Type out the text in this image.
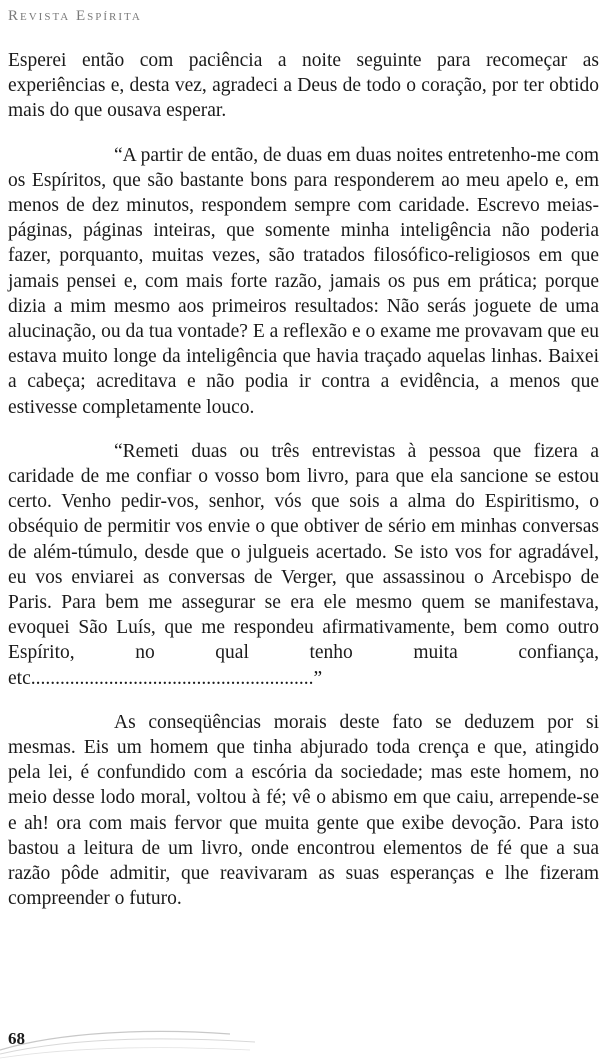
Revista Espírita

Esperei então com paciência a noite seguinte para recomeçar as experiências e, desta vez, agradeci a Deus de todo o coração, por ter obtido mais do que ousava esperar.

“A partir de então, de duas em duas noites entretenho-me com os Espíritos, que são bastante bons para responderem ao meu apelo e, em menos de dez minutos, respondem sempre com caridade. Escrevo meias-páginas, páginas inteiras, que somente minha inteligência não poderia fazer, porquanto, muitas vezes, são tratados filosófico-religiosos em que jamais pensei e, com mais forte razão, jamais os pus em prática; porque dizia a mim mesmo aos primeiros resultados: Não serás joguete de uma alucinação, ou da tua vontade? E a reflexão e o exame me provavam que eu estava muito longe da inteligência que havia traçado aquelas linhas. Baixei a cabeça; acreditava e não podia ir contra a evidência, a menos que estivesse completamente louco.

“Remeti duas ou três entrevistas à pessoa que fizera a caridade de me confiar o vosso bom livro, para que ela sancione se estou certo. Venho pedir-vos, senhor, vós que sois a alma do Espiritismo, o obséquio de permitir vos envie o que obtiver de sério em minhas conversas de além-túmulo, desde que o julgueis acertado. Se isto vos for agradável, eu vos enviarei as conversas de Verger, que assassinou o Arcebispo de Paris. Para bem me assegurar se era ele mesmo quem se manifestava, evoquei São Luís, que me respondeu afirmativamente, bem como outro Espírito, no qual tenho muita confiança, etc..........................................................”

As conseqüências morais deste fato se deduzem por si mesmas. Eis um homem que tinha abjurado toda crença e que, atingido pela lei, é confundido com a escória da sociedade; mas este homem, no meio desse lodo moral, voltou à fé; vê o abismo em que caiu, arrepende-se e ah! ora com mais fervor que muita gente que exibe devoção. Para isto bastou a leitura de um livro, onde encontrou elementos de fé que a sua razão pôde admitir, que reavivaram as suas esperanças e lhe fizeram compreender o futuro.

68
